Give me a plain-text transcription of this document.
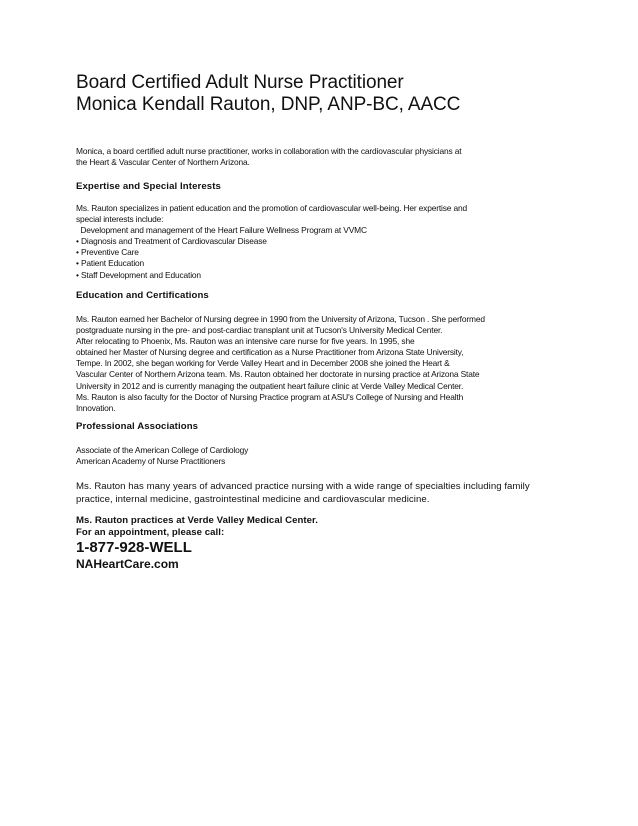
Board Certified Adult Nurse Practitioner
Monica Kendall Rauton, DNP, ANP-BC, AACC
Monica, a board certified adult nurse practitioner, works in collaboration with the cardiovascular physicians at
the Heart & Vascular Center of Northern Arizona.
Expertise and Special Interests
Ms. Rauton specializes in patient education and the promotion of cardiovascular well-being. Her expertise and
special interests include:
Development and management of the Heart Failure Wellness Program at VVMC
• Diagnosis and Treatment of Cardiovascular Disease
• Preventive Care
• Patient Education
• Staff Development and Education
Education and Certifications
Ms. Rauton earned her Bachelor of Nursing degree in 1990 from the University of Arizona, Tucson . She performed
postgraduate nursing in the pre- and post-cardiac transplant unit at Tucson's University Medical Center.
After relocating to Phoenix, Ms. Rauton was an intensive care nurse for five years. In 1995, she
obtained her Master of Nursing degree and certification as a Nurse Practitioner from Arizona State University,
Tempe. In 2002, she began working for Verde Valley Heart and in December 2008 she joined the Heart &
Vascular Center of Northern Arizona team. Ms. Rauton obtained her doctorate in nursing practice at Arizona State
University in 2012 and is currently managing the outpatient heart failure clinic at Verde Valley Medical Center.
Ms. Rauton is also faculty for the Doctor of Nursing Practice program at ASU's College of Nursing and Health
Innovation.
Professional Associations
Associate of the American College of Cardiology
American Academy of Nurse Practitioners
Ms. Rauton has many years of advanced practice nursing with a wide range of specialties including family
practice, internal medicine, gastrointestinal medicine and cardiovascular medicine.
Ms. Rauton practices at Verde Valley Medical Center.
For an appointment, please call:
1-877-928-WELL
NAHeartCare.com
